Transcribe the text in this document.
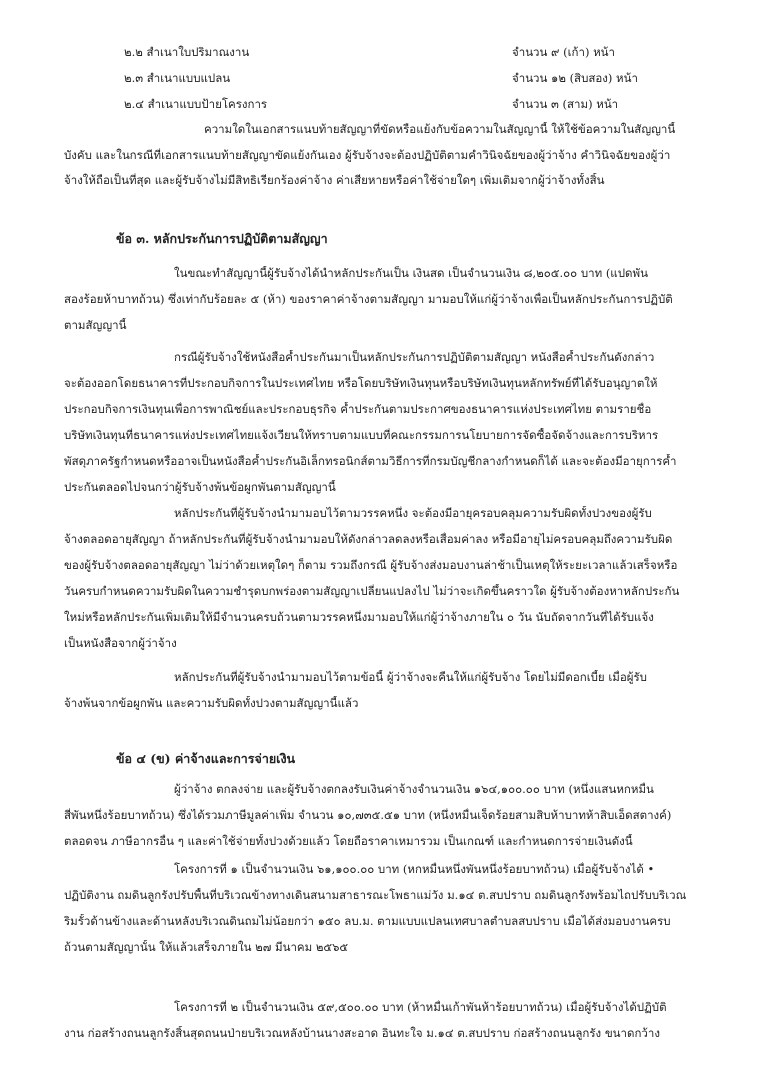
๒.๒ สำเนาใบปริมาณงาน	จำนวน ๙ (เก้า) หน้า
๒.๓ สำเนาแบบแปลน	จำนวน ๑๒ (สิบสอง) หน้า
๒.๔ สำเนาแบบป้ายโครงการ	จำนวน ๓ (สาม) หน้า
ความใดในเอกสารแนบท้ายสัญญาที่ขัดหรือแย้งกับข้อความในสัญญานี้ ให้ใช้ข้อความในสัญญานี้
บังคับ และในกรณีที่เอกสารแนบท้ายสัญญาขัดแย้งกันเอง ผู้รับจ้างจะต้องปฏิบัติตามคำวินิจฉัยของผู้ว่าจ้าง คำวินิจฉัยของผู้ว่า
จ้างให้ถือเป็นที่สุด และผู้รับจ้างไม่มีสิทธิเรียกร้องค่าจ้าง ค่าเสียหายหรือค่าใช้จ่ายใดๆ เพิ่มเติมจากผู้ว่าจ้างทั้งสิ้น
ข้อ ๓. หลักประกันการปฏิบัติตามสัญญา
ในขณะทำสัญญานี้ผู้รับจ้างได้นำหลักประกันเป็น เงินสด เป็นจำนวนเงิน ๘,๒๐๕.๐๐ บาท (แปดพัน
สองร้อยห้าบาทถ้วน) ซึ่งเท่ากับร้อยละ ๕ (ห้า) ของราคาค่าจ้างตามสัญญา มามอบให้แก่ผู้ว่าจ้างเพื่อเป็นหลักประกันการปฏิบัติ
ตามสัญญานี้
กรณีผู้รับจ้างใช้หนังสือค้ำประกันมาเป็นหลักประกันการปฏิบัติตามสัญญา หนังสือค้ำประกันดังกล่าว
จะต้องออกโดยธนาคารที่ประกอบกิจการในประเทศไทย หรือโดยบริษัทเงินทุนหรือบริษัทเงินทุนหลักทรัพย์ที่ได้รับอนุญาตให้
ประกอบกิจการเงินทุนเพื่อการพาณิชย์และประกอบธุรกิจ ค้ำประกันตามประกาศของธนาคารแห่งประเทศไทย ตามรายชื่อ
บริษัทเงินทุนที่ธนาคารแห่งประเทศไทยแจ้งเวียนให้ทราบตามแบบที่คณะกรรมการนโยบายการจัดซื้อจัดจ้างและการบริหาร
พัสดุภาครัฐกำหนดหรืออาจเป็นหนังสือค้ำประกันอิเล็กทรอนิกส์ตามวิธีการที่กรมบัญชีกลางกำหนดก็ได้ และจะต้องมีอายุการค้ำ
ประกันตลอดไปจนกว่าผู้รับจ้างพ้นข้อผูกพันตามสัญญานี้
หลักประกันที่ผู้รับจ้างนำมามอบไว้ตามวรรคหนึ่ง จะต้องมีอายุครอบคลุมความรับผิดทั้งปวงของผู้รับ
จ้างตลอดอายุสัญญา ถ้าหลักประกันที่ผู้รับจ้างนำมามอบให้ดังกล่าวลดลงหรือเสื่อมค่าลง หรือมีอายุไม่ครอบคลุมถึงความรับผิด
ของผู้รับจ้างตลอดอายุสัญญา ไม่ว่าด้วยเหตุใดๆ ก็ตาม รวมถึงกรณี ผู้รับจ้างส่งมอบงานล่าช้าเป็นเหตุให้ระยะเวลาแล้วเสร็จหรือ
วันครบกำหนดความรับผิดในความชำรุดบกพร่องตามสัญญาเปลี่ยนแปลงไป ไม่ว่าจะเกิดขึ้นคราวใด ผู้รับจ้างต้องหาหลักประกัน
ใหม่หรือหลักประกันเพิ่มเติมให้มีจำนวนครบถ้วนตามวรรคหนึ่งมามอบให้แก่ผู้ว่าจ้างภายใน ๐ วัน นับถัดจากวันที่ได้รับแจ้ง
เป็นหนังสือจากผู้ว่าจ้าง
หลักประกันที่ผู้รับจ้างนำมามอบไว้ตามข้อนี้ ผู้ว่าจ้างจะคืนให้แก่ผู้รับจ้าง โดยไม่มีดอกเบี้ย เมื่อผู้รับ
จ้างพ้นจากข้อผูกพัน และความรับผิดทั้งปวงตามสัญญานี้แล้ว
ข้อ ๔ (ข) ค่าจ้างและการจ่ายเงิน
ผู้ว่าจ้าง ตกลงจ่าย และผู้รับจ้างตกลงรับเงินค่าจ้างจำนวนเงิน ๑๖๔,๑๐๐.๐๐ บาท (หนึ่งแสนหกหมื่น
สี่พันหนึ่งร้อยบาทถ้วน) ซึ่งได้รวมภาษีมูลค่าเพิ่ม จำนวน ๑๐,๗๓๕.๕๑ บาท (หนึ่งหมื่นเจ็ดร้อยสามสิบห้าบาทห้าสิบเอ็ดสตางค์)
ตลอดจน ภาษีอากรอื่น ๆ และค่าใช้จ่ายทั้งปวงด้วยแล้ว โดยถือราคาเหมารวม เป็นเกณฑ์ และกำหนดการจ่ายเงินดังนี้
โครงการที่ ๑ เป็นจำนวนเงิน ๖๑,๑๐๐.๐๐ บาท (หกหมื่นหนึ่งพันหนึ่งร้อยบาทถ้วน) เมื่อผู้รับจ้างได้ •
ปฏิบัติงาน ถมดินลูกรังปรับพื้นที่บริเวณข้างทางเดินสนามสาธารณะโพธาแม่วัง ม.๑๔ ต.สบปราบ ถมดินลูกรังพร้อมไถปรับบริเวณ
ริมรั้วด้านข้างและด้านหลังบริเวณดินถมไม่น้อยกว่า ๑๕๐ ลบ.ม. ตามแบบแปลนเทศบาลตำบลสบปราบ เมื่อได้ส่งมอบงานครบ
ถ้วนตามสัญญานั้น ให้แล้วเสร็จภายใน ๒๗ มีนาคม ๒๕๖๕
โครงการที่ ๒ เป็นจำนวนเงิน ๕๙,๕๐๐.๐๐ บาท (ห้าหมื่นเก้าพันห้าร้อยบาทถ้วน) เมื่อผู้รับจ้างได้ปฏิบัติ
งาน ก่อสร้างถนนลูกรังสิ้นสุดถนนป่ายบริเวณหลังบ้านนางสะอาด อินทะใจ ม.๑๔ ต.สบปราบ ก่อสร้างถนนลูกรัง ขนาดกว้าง
